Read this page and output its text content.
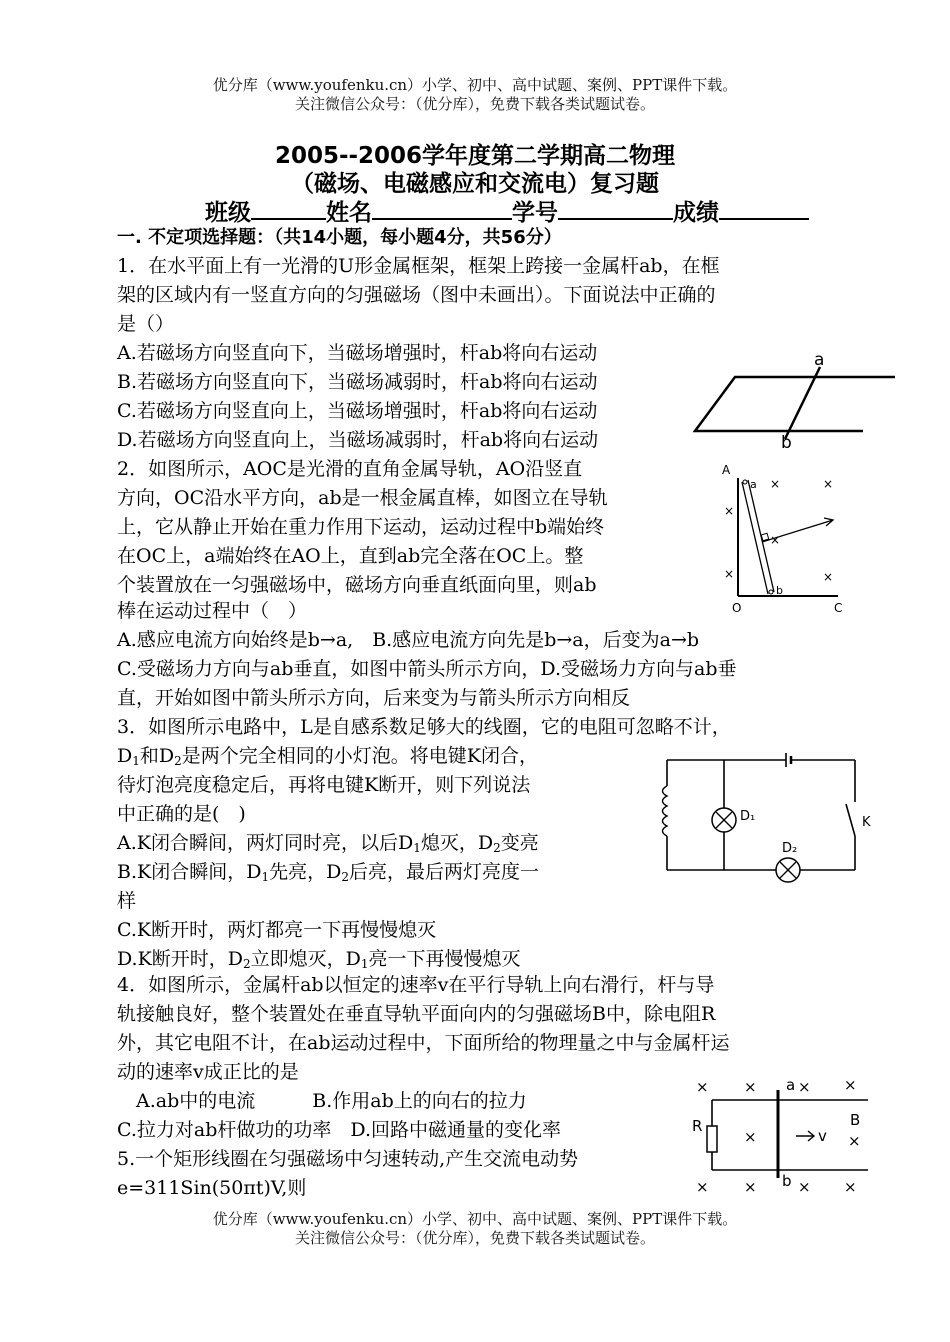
优分库（www.youfenku.cn）小学、初中、高中试题、案例、PPT课件下载。
关注微信公众号：（优分库），免费下载各类试题试卷。
2005--2006学年度第二学期高二物理
（磁场、电磁感应和交流电）复习题
班级	姓名	学号	成绩
一. 不定项选择题：（共14小题，每小题4分，共56分）
1．在水平面上有一光滑的U形金属框架，框架上跨接一金属杆ab，在框
架的区域内有一竖直方向的匀强磁场（图中未画出）。下面说法中正确的
是（）
A.若磁场方向竖直向下，当磁场增强时，杆ab将向右运动
B.若磁场方向竖直向下，当磁场减弱时，杆ab将向右运动
C.若磁场方向竖直向上，当磁场增强时，杆ab将向右运动
D.若磁场方向竖直向上，当磁场减弱时，杆ab将向右运动
a
b
2．如图所示，AOC是光滑的直角金属导轨，AO沿竖直
方向，OC沿水平方向，ab是一根金属直棒，如图立在导轨
上，它从静止开始在重力作用下运动，运动过程中b端始终
在OC上，a端始终在AO上，直到ab完全落在OC上。整
个装置放在一匀强磁场中，磁场方向垂直纸面向里，则ab
棒在运动过程中（　）
A.感应电流方向始终是b→a,　B.感应电流方向先是b→a，后变为a→b
C.受磁场力方向与ab垂直，如图中箭头所示方向，D.受磁场力方向与ab垂
直，开始如图中箭头所示方向，后来变为与箭头所示方向相反
A
O	C
a
b
×
×
×
×
×
×
3．如图所示电路中，L是自感系数足够大的线圈，它的电阻可忽略不计，
$D_1$和$D_2$是两个完全相同的小灯泡。将电键K闭合，
待灯泡亮度稳定后，再将电键K断开，则下列说法
中正确的是(　)
A.K闭合瞬间，两灯同时亮，以后$D_1$熄灭，$D_2$变亮
B.K闭合瞬间，$D_1$先亮，$D_2$后亮，最后两灯亮度一
样
C.K断开时，两灯都亮一下再慢慢熄灭
D.K断开时，$D_2$立即熄灭，$D_1$亮一下再慢慢熄灭
D₁
D₂
K
4．如图所示，金属杆ab以恒定的速率v在平行导轨上向右滑行，杆与导
轨接触良好，整个装置处在垂直导轨平面向内的匀强磁场B中，除电阻R
外，其它电阻不计，在ab运动过程中，下面所给的物理量之中与金属杆运
动的速率v成正比的是
　A.ab中的电流　　　B.作用ab上的向右的拉力
C.拉力对ab杆做功的功率　D.回路中磁通量的变化率	v
a
b
B
R
× ×	× ×
×	×
× ×	× ×
5.一个矩形线圈在匀强磁场中匀速转动,产生交流电动势
e=311Sin(50πt)V,则
优分库（www.youfenku.cn）小学、初中、高中试题、案例、PPT课件下载。
关注微信公众号：（优分库），免费下载各类试题试卷。
